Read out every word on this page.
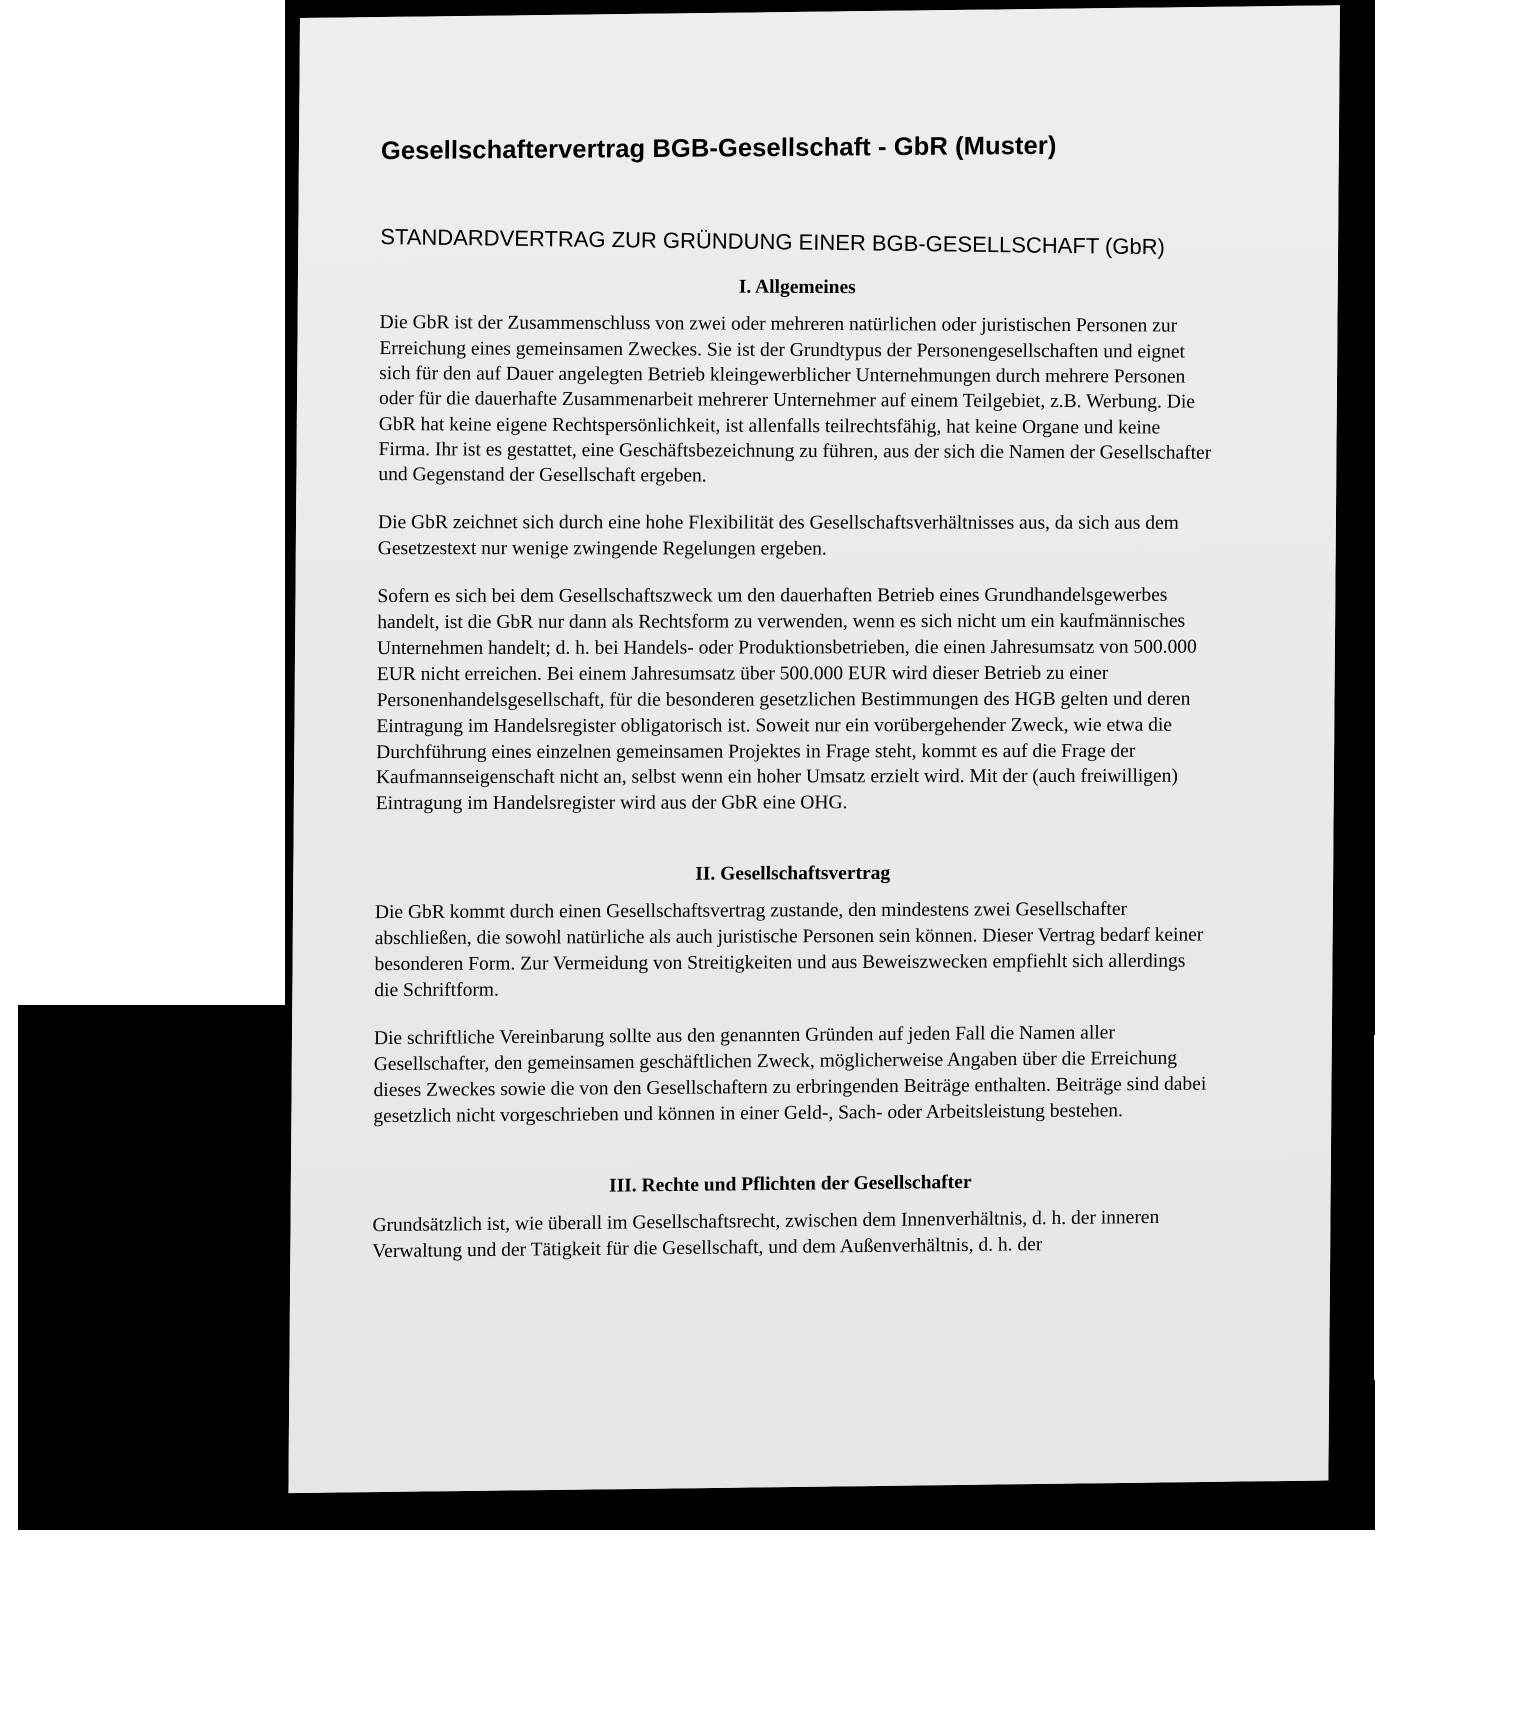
Gesellschaftervertrag BGB-Gesellschaft - GbR (Muster)
STANDARDVERTRAG ZUR GRÜNDUNG EINER BGB-GESELLSCHAFT (GbR)
I. Allgemeines

Die GbR ist der Zusammenschluss von zwei oder mehreren natürlichen oder juristischen Personen zur Erreichung eines gemeinsamen Zweckes. Sie ist der Grundtypus der Personengesellschaften und eignet sich für den auf Dauer angelegten Betrieb kleingewerblicher Unternehmungen durch mehrere Personen oder für die dauerhafte Zusammenarbeit mehrerer Unternehmer auf einem Teilgebiet, z.B. Werbung. Die GbR hat keine eigene Rechtspersönlichkeit, ist allenfalls teilrechtsfähig, hat keine Organe und keine Firma. Ihr ist es gestattet, eine Geschäftsbezeichnung zu führen, aus der sich die Namen der Gesellschafter und Gegenstand der Gesellschaft ergeben.

Die GbR zeichnet sich durch eine hohe Flexibilität des Gesellschaftsverhältnisses aus, da sich aus dem Gesetzestext nur wenige zwingende Regelungen ergeben.

Sofern es sich bei dem Gesellschaftszweck um den dauerhaften Betrieb eines Grundhandelsgewerbes handelt, ist die GbR nur dann als Rechtsform zu verwenden, wenn es sich nicht um ein kaufmännisches Unternehmen handelt; d. h. bei Handels- oder Produktionsbetrieben, die einen Jahresumsatz von 500.000 EUR nicht erreichen. Bei einem Jahresumsatz über 500.000 EUR wird dieser Betrieb zu einer Personenhandelsgesellschaft, für die besonderen gesetzlichen Bestimmungen des HGB gelten und deren Eintragung im Handelsregister obligatorisch ist. Soweit nur ein vorübergehender Zweck, wie etwa die Durchführung eines einzelnen gemeinsamen Projektes in Frage steht, kommt es auf die Frage der Kaufmannseigenschaft nicht an, selbst wenn ein hoher Umsatz erzielt wird. Mit der (auch freiwilligen) Eintragung im Handelsregister wird aus der GbR eine OHG.

II. Gesellschaftsvertrag

Die GbR kommt durch einen Gesellschaftsvertrag zustande, den mindestens zwei Gesellschafter abschließen, die sowohl natürliche als auch juristische Personen sein können. Dieser Vertrag bedarf keiner besonderen Form. Zur Vermeidung von Streitigkeiten und aus Beweiszwecken empfiehlt sich allerdings die Schriftform.

Die schriftliche Vereinbarung sollte aus den genannten Gründen auf jeden Fall die Namen aller Gesellschafter, den gemeinsamen geschäftlichen Zweck, möglicherweise Angaben über die Erreichung dieses Zweckes sowie die von den Gesellschaftern zu erbringenden Beiträge enthalten. Beiträge sind dabei gesetzlich nicht vorgeschrieben und können in einer Geld-, Sach- oder Arbeitsleistung bestehen.

III. Rechte und Pflichten der Gesellschafter

Grundsätzlich ist, wie überall im Gesellschaftsrecht, zwischen dem Innenverhältnis, d. h. der inneren Verwaltung und der Tätigkeit für die Gesellschaft, und dem Außenverhältnis, d. h. der

http
